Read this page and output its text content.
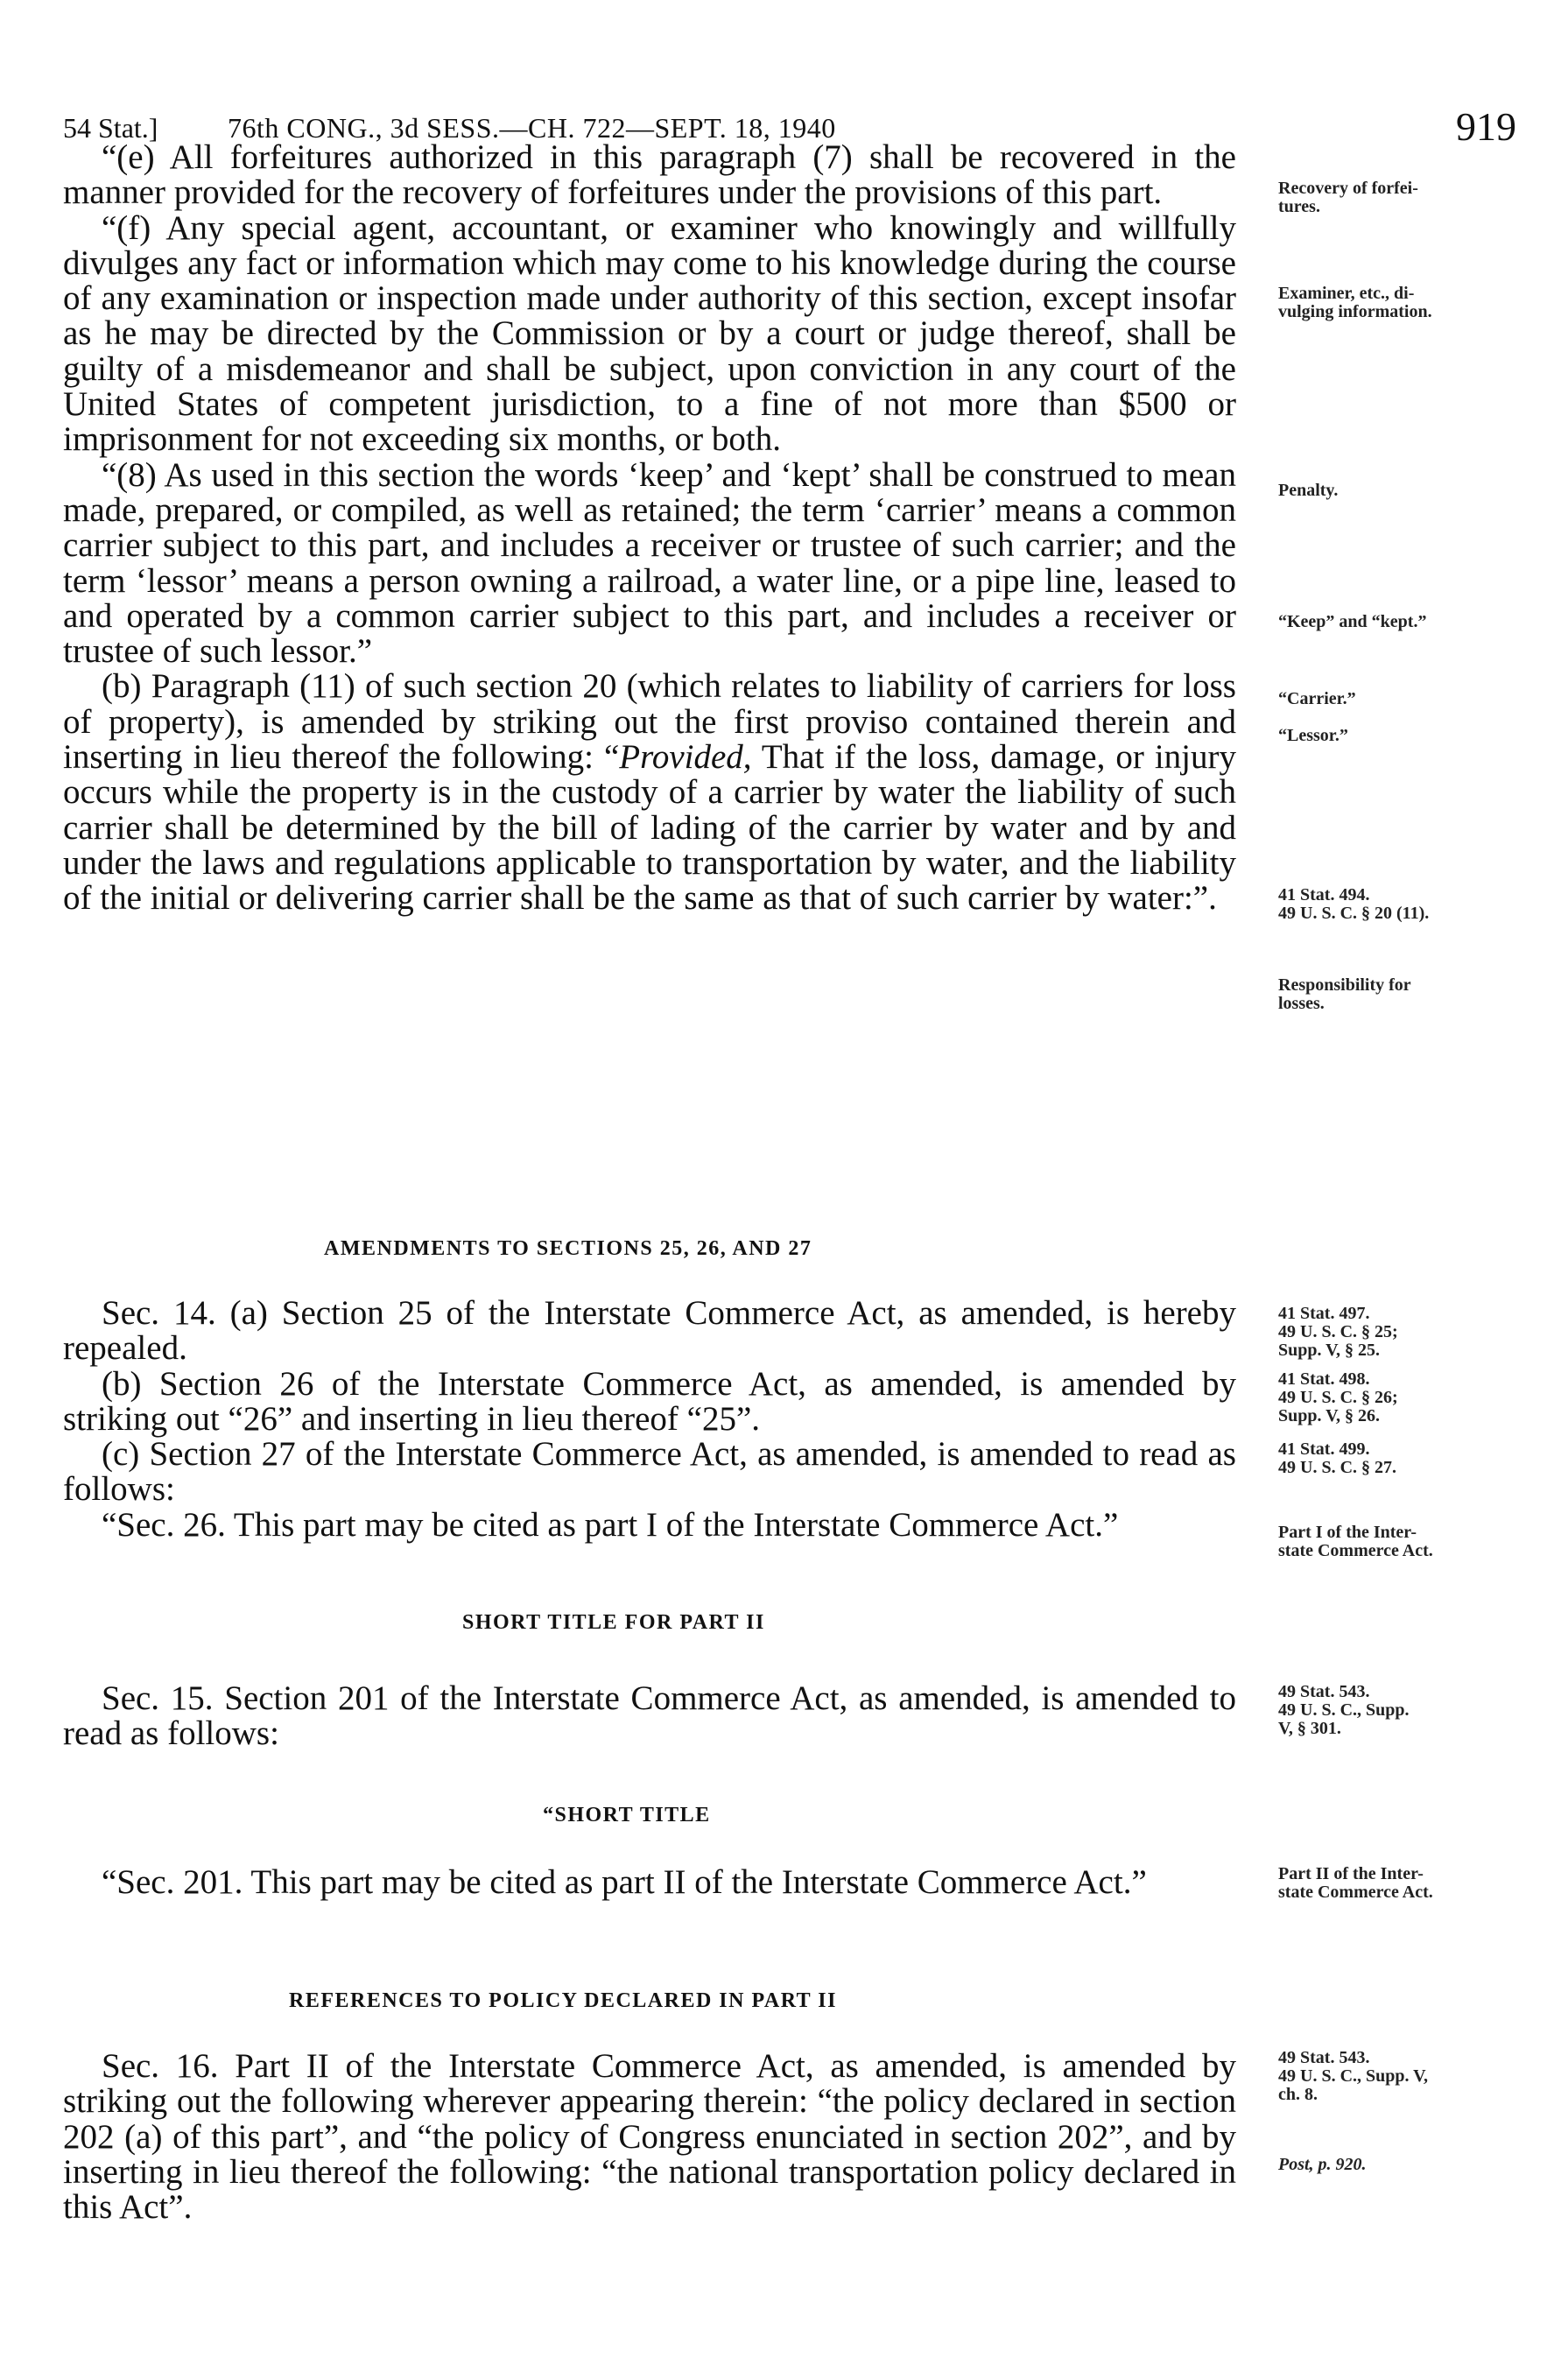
54 Stat.] 76th CONG., 3d SESS.—CH. 722—SEPT. 18, 1940	919

“(e) All forfeitures authorized in this paragraph (7) shall be recovered in the manner provided for the recovery of forfeitures under the provisions of this part.

“(f) Any special agent, accountant, or examiner who knowingly and willfully divulges any fact or information which may come to his knowledge during the course of any examination or inspection made under authority of this section, except insofar as he may be directed by the Commission or by a court or judge thereof, shall be guilty of a misdemeanor and shall be subject, upon conviction in any court of the United States of competent jurisdiction, to a fine of not more than $500 or imprisonment for not exceeding six months, or both.

“(8) As used in this section the words ‘keep’ and ‘kept’ shall be construed to mean made, prepared, or compiled, as well as retained; the term ‘carrier’ means a common carrier subject to this part, and includes a receiver or trustee of such carrier; and the term ‘lessor’ means a person owning a railroad, a water line, or a pipe line, leased to and operated by a common carrier subject to this part, and includes a receiver or trustee of such lessor.”

(b) Paragraph (11) of such section 20 (which relates to liability of carriers for loss of property), is amended by striking out the first proviso contained therein and inserting in lieu thereof the following: “Provided, That if the loss, damage, or injury occurs while the property is in the custody of a carrier by water the liability of such carrier shall be determined by the bill of lading of the carrier by water and by and under the laws and regulations applicable to transportation by water, and the liability of the initial or delivering carrier shall be the same as that of such carrier by water:”.

AMENDMENTS TO SECTIONS 25, 26, AND 27

Sec. 14. (a) Section 25 of the Interstate Commerce Act, as amended, is hereby repealed.

(b) Section 26 of the Interstate Commerce Act, as amended, is amended by striking out “26” and inserting in lieu thereof “25”.

(c) Section 27 of the Interstate Commerce Act, as amended, is amended to read as follows:

“Sec. 26. This part may be cited as part I of the Interstate Commerce Act.”

SHORT TITLE FOR PART II

Sec. 15. Section 201 of the Interstate Commerce Act, as amended, is amended to read as follows:

“SHORT TITLE

“Sec. 201. This part may be cited as part II of the Interstate Commerce Act.”

REFERENCES TO POLICY DECLARED IN PART II

Sec. 16. Part II of the Interstate Commerce Act, as amended, is amended by striking out the following wherever appearing therein: “the policy declared in section 202 (a) of this part”, and “the policy of Congress enunciated in section 202”, and by inserting in lieu thereof the following: “the national transportation policy declared in this Act”.

Recovery of forfei-
tures.
Examiner, etc., di-
vulging information.
Penalty.
“Keep” and “kept.”
“Carrier.”
“Lessor.”
41 Stat. 494.
49 U. S. C. § 20 (11).
Responsibility for
losses.
41 Stat. 497.
49 U. S. C. § 25;
Supp. V, § 25.
41 Stat. 498.
49 U. S. C. § 26;
Supp. V, § 26.
41 Stat. 499.
49 U. S. C. § 27.
Part I of the Inter-
state Commerce Act.
49 Stat. 543.
49 U. S. C., Supp.
V, § 301.
Part II of the Inter-
state Commerce Act.
49 Stat. 543.
49 U. S. C., Supp. V,
ch. 8.
Post, p. 920.
